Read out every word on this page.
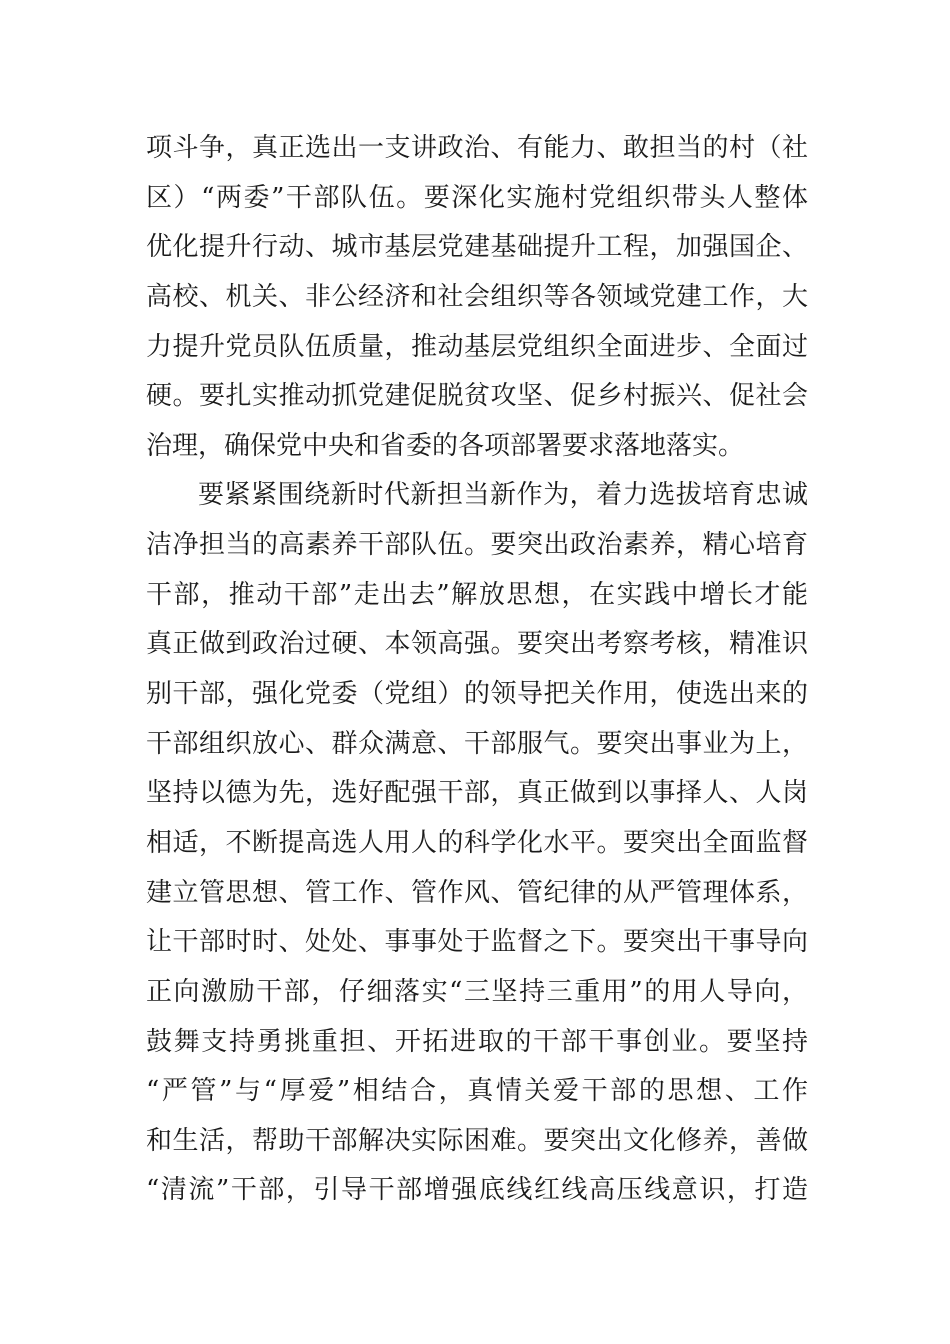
项斗争，真正选出一支讲政治、有能力、敢担当的村（社
区）“两委”干部队伍。要深化实施村党组织带头人整体
优化提升行动、城市基层党建基础提升工程，加强国企、
高校、机关、非公经济和社会组织等各领域党建工作，大
力提升党员队伍质量，推动基层党组织全面进步、全面过
硬。要扎实推动抓党建促脱贫攻坚、促乡村振兴、促社会
治理，确保党中央和省委的各项部署要求落地落实。
要紧紧围绕新时代新担当新作为，着力选拔培育忠诚
洁净担当的高素养干部队伍。要突出政治素养，精心培育
干部，推动干部”走出去”解放思想，在实践中增长才能
真正做到政治过硬、本领高强。要突出考察考核，精准识
别干部，强化党委（党组）的领导把关作用，使选出来的
干部组织放心、群众满意、干部服气。要突出事业为上，
坚持以德为先，选好配强干部，真正做到以事择人、人岗
相适，不断提高选人用人的科学化水平。要突出全面监督
建立管思想、管工作、管作风、管纪律的从严管理体系，
让干部时时、处处、事事处于监督之下。要突出干事导向
正向激励干部，仔细落实“三坚持三重用”的用人导向，
鼓舞支持勇挑重担、开拓进取的干部干事创业。要坚持
“严管”与“厚爱”相结合，真情关爱干部的思想、工作
和生活，帮助干部解决实际困难。要突出文化修养，善做
“清流”干部，引导干部增强底线红线高压线意识，打造
